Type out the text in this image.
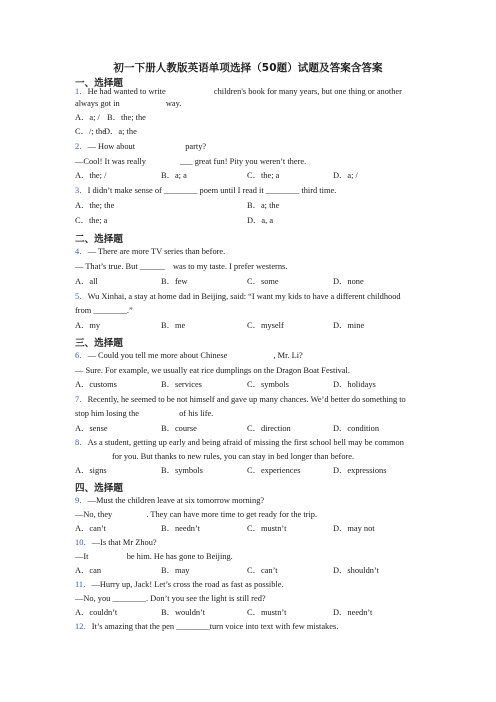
初一下册人教版英语单项选择（50题）试题及答案含答案
一、选择题
1．He had wanted to write	children's book for many years, but one thing or another
always got in	way.
A．a; / B．the; the
C．/; the
D．a; the
2．— How about	party?
—Cool! It was really	___ great fun! Pity you weren’t there.
A．the; /	B．a; a	C．the; a	D．a; /
3．I didn’t make sense of ________ poem until I read it ________ third time.
A．the; the	B．a; the
C．the; a	D．a, a
二、选择题
4．— There are more TV series than before.
— That’s true. But ______ was to my taste. I prefer westerns.
A．all	B．few	C．some	D．none
5．Wu Xinhai, a stay at home dad in Beijing, said: “I want my kids to have a different childhood
from ________.”
A．my	B．me	C．myself	D．mine
三、选择题
6．— Could you tell me more about Chinese	, Mr. Li?
— Sure. For example, we usually eat rice dumplings on the Dragon Boat Festival.
A．customs	B．services	C．symbols	D．holidays
7．Recently, he seemed to be not himself and gave up many chances. We’d better do something to
stop him losing the	of his life.
A．sense	B．course	C．direction	D．condition
8．As a student, getting up early and being afraid of missing the first school bell may be common
for you. But thanks to new rules, you can stay in bed longer than before.
A．signs	B．symbols	C．experiences	D．expressions
四、选择题
9．—Must the children leave at six tomorrow morning?
—No, they	. They can have more time to get ready for the trip.
A．can’t	B．needn’t	C．mustn’t	D．may not
10．—Is that Mr Zhou?
—It	be him. He has gone to Beijing.
A．can	B．may	C．can’t	D．shouldn’t
11．—Hurry up, Jack! Let’s cross the road as fast as possible.
—No, you ________. Don’t you see the light is still red?
A．couldn’t	B．wouldn’t	C．mustn’t	D．needn’t
12．It’s amazing that the pen ________turn voice into text with few mistakes.
